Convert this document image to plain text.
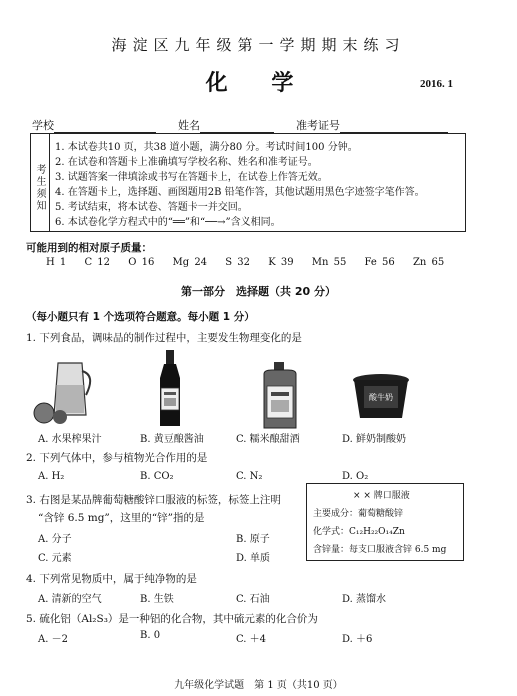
海淀区九年级第一学期期末练习
化 学	2016. 1
学校	姓名	准考证号
考生须知
1. 本试卷共10 页，共38 道小题，满分80 分。考试时间100 分钟。
2. 在试卷和答题卡上准确填写学校名称、姓名和准考证号。
3. 试题答案一律填涂或书写在答题卡上，在试卷上作答无效。
4. 在答题卡上，选择题、画图题用2B 铅笔作答，其他试题用黑色字迹签字笔作答。
5. 考试结束，将本试卷、答题卡一并交回。
6. 本试卷化学方程式中的“══”和“──→”含义相同。
可能用到的相对原子质量：
H 1 C 12 O 16 Mg 24 S 32 K 39 Mn 55 Fe 56 Zn 65
第一部分　选择题（共 20 分）
（每小题只有 1 个选项符合题意。每小题 1 分）
1. 下列食品，调味品的制作过程中，主要发生物理变化的是
酸牛奶
A. 水果榨果汁	B. 黄豆酿酱油	C. 糯米酿甜酒	D. 鲜奶制酸奶
2. 下列气体中，参与植物光合作用的是
A. H₂	B. CO₂	C. N₂	D. O₂
3. 右图是某品牌葡萄糖酸锌口服液的标签，标签上注明
“含锌 6.5 mg”，这里的“锌”指的是
A. 分子	B. 原子
C. 元素	D. 单质
× × 牌口服液
主要成分：葡萄糖酸锌
化学式：C₁₂H₂₂O₁₄Zn
含锌量：每支口服液含锌 6.5 mg
4. 下列常见物质中，属于纯净物的是
A. 清新的空气	B. 生铁	C. 石油	D. 蒸馏水
5. 硫化铝（Al₂S₃）是一种铝的化合物，其中硫元素的化合价为
A. －2	B. 0	C. ＋4	D. ＋6
九年级化学试题　第 1 页（共10 页）
